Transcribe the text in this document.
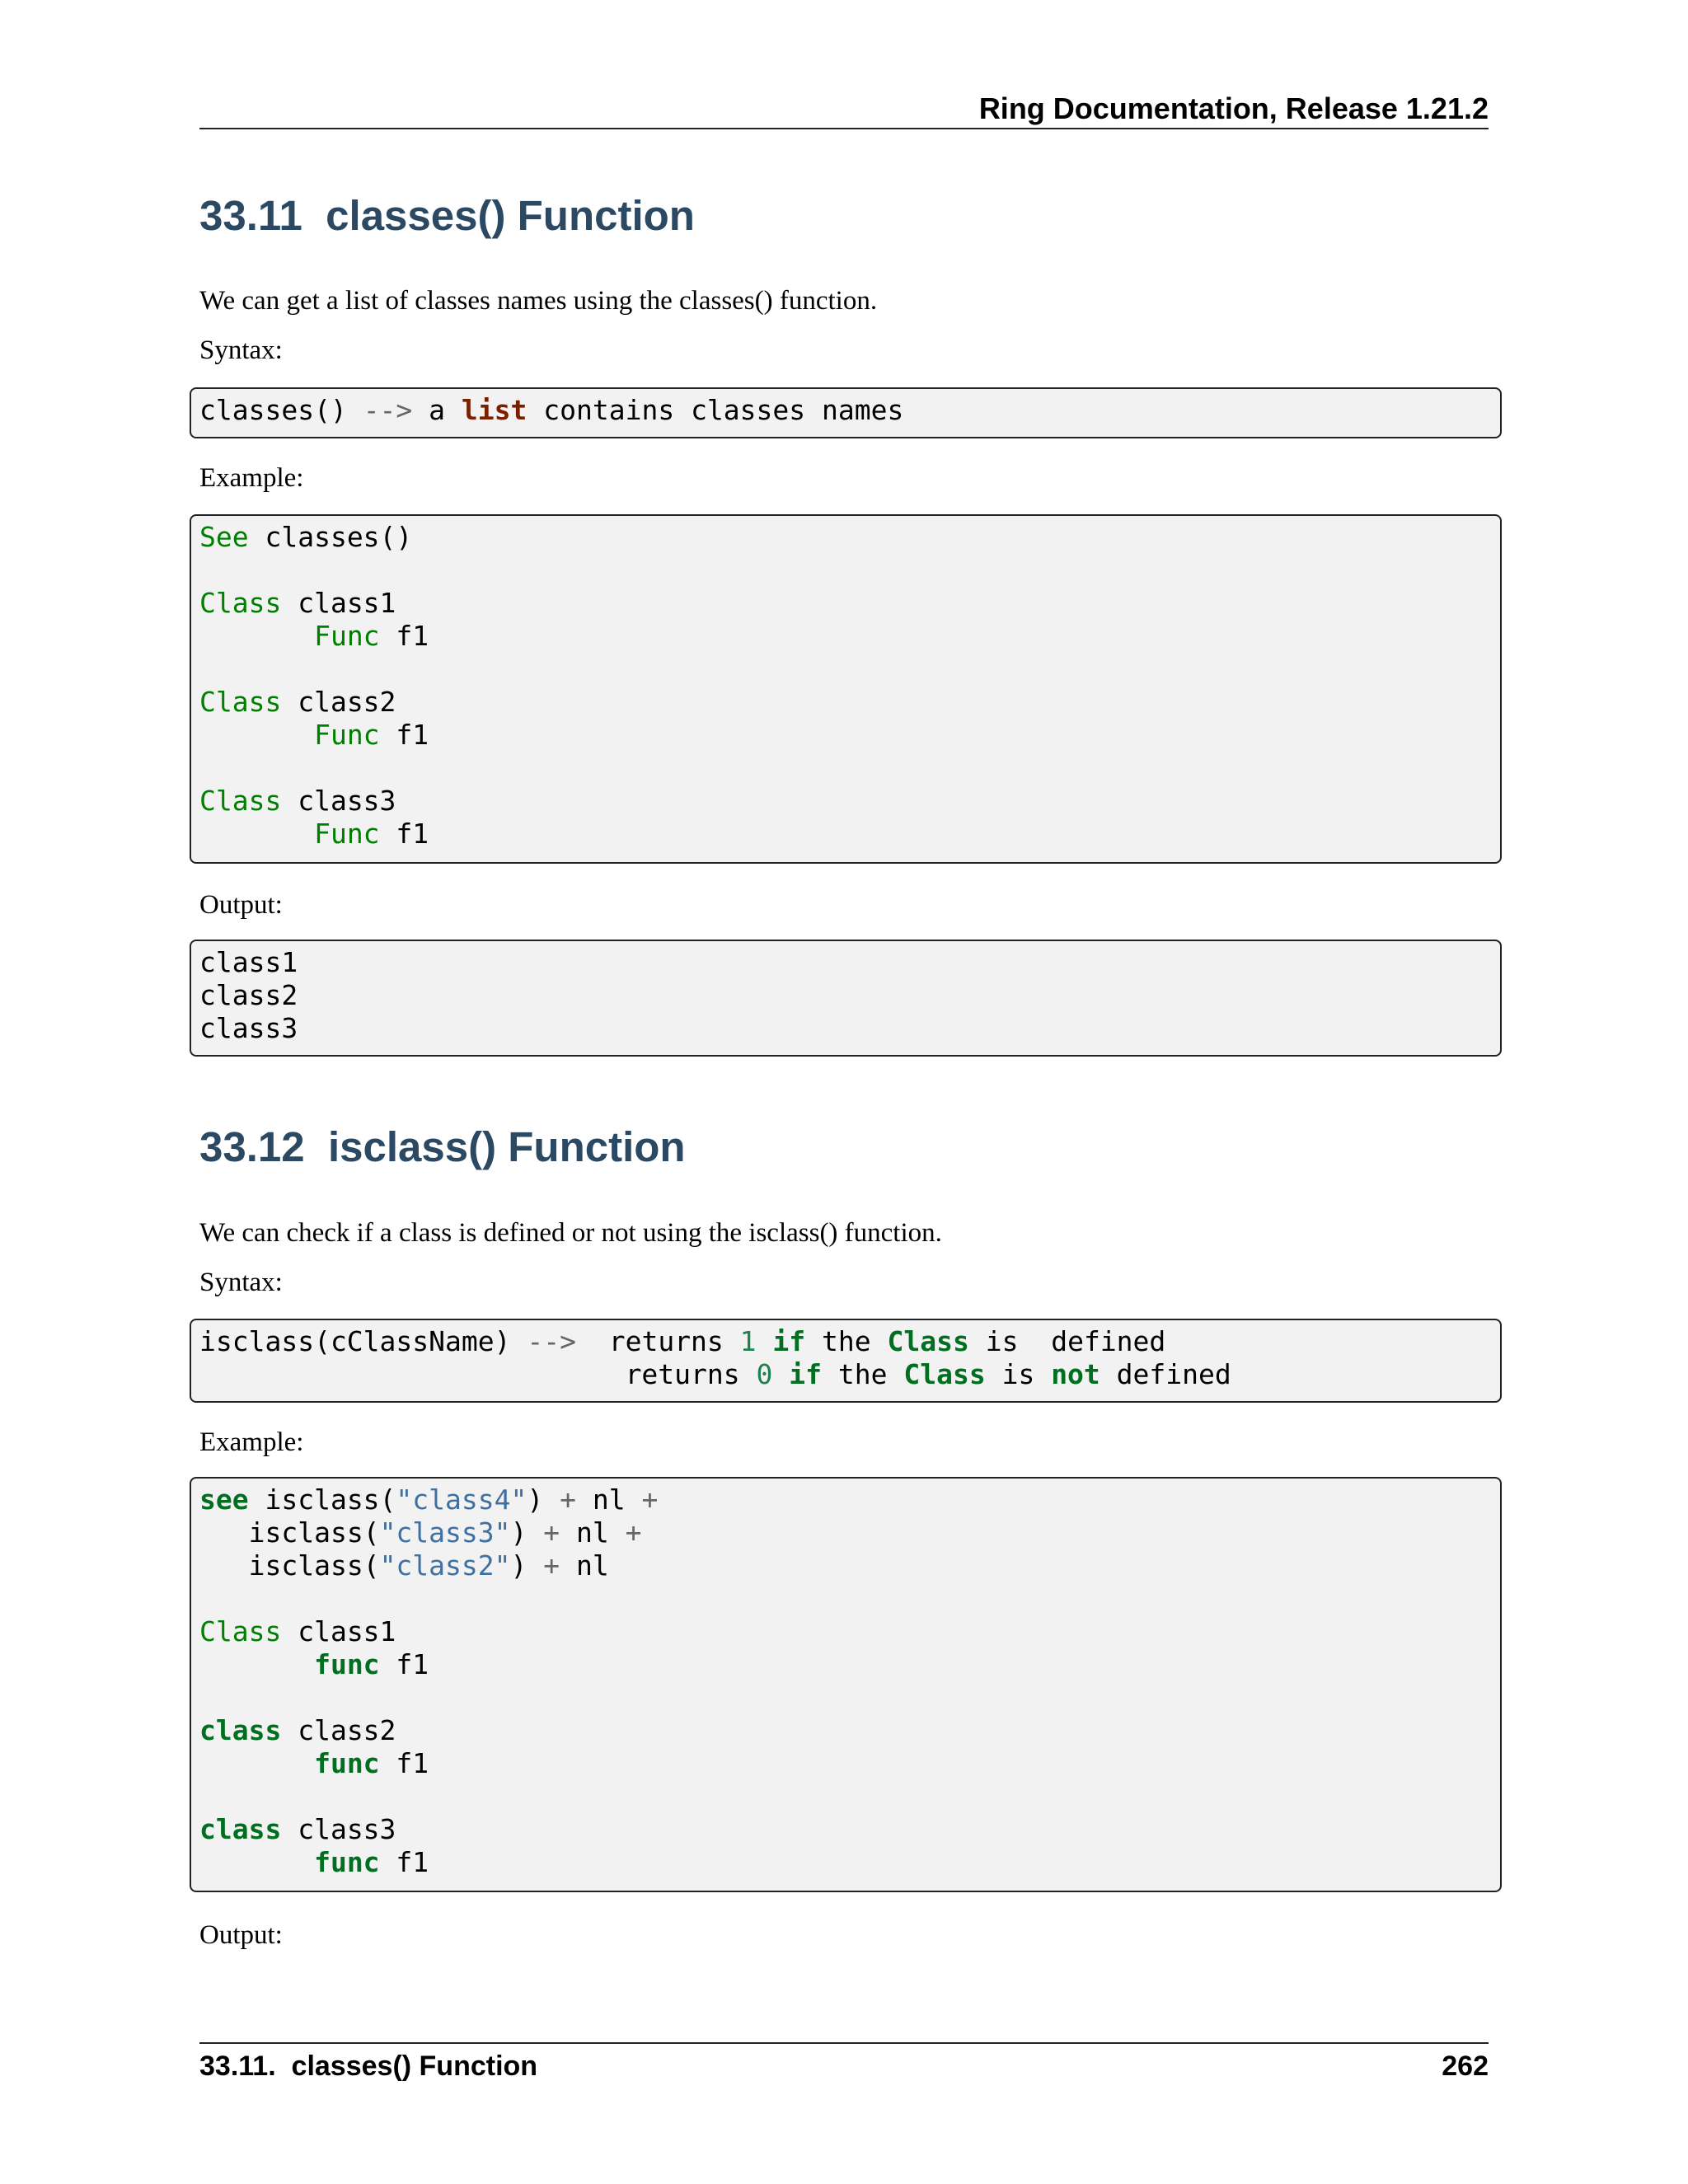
Ring Documentation, Release 1.21.2
33.11 classes() Function

We can get a list of classes names using the classes() function.

Syntax:

classes() --> a list contains classes names

Example:

See classes()
Class class1
Func f1
Class class2
Func f1
Class class3
Func f1

Output:

class1
class2
class3
33.12 isclass() Function

We can check if a class is defined or not using the isclass() function.

Syntax:

isclass(cClassName) --> returns 1 if the Class is  defined
returns 0 if the Class is not defined

Example:

see isclass("class4") + nl +
isclass("class3") + nl +
isclass("class2") + nl
Class class1
func f1
class class2
func f1
class class3
func f1

Output:

33.11.  classes() Function	262
